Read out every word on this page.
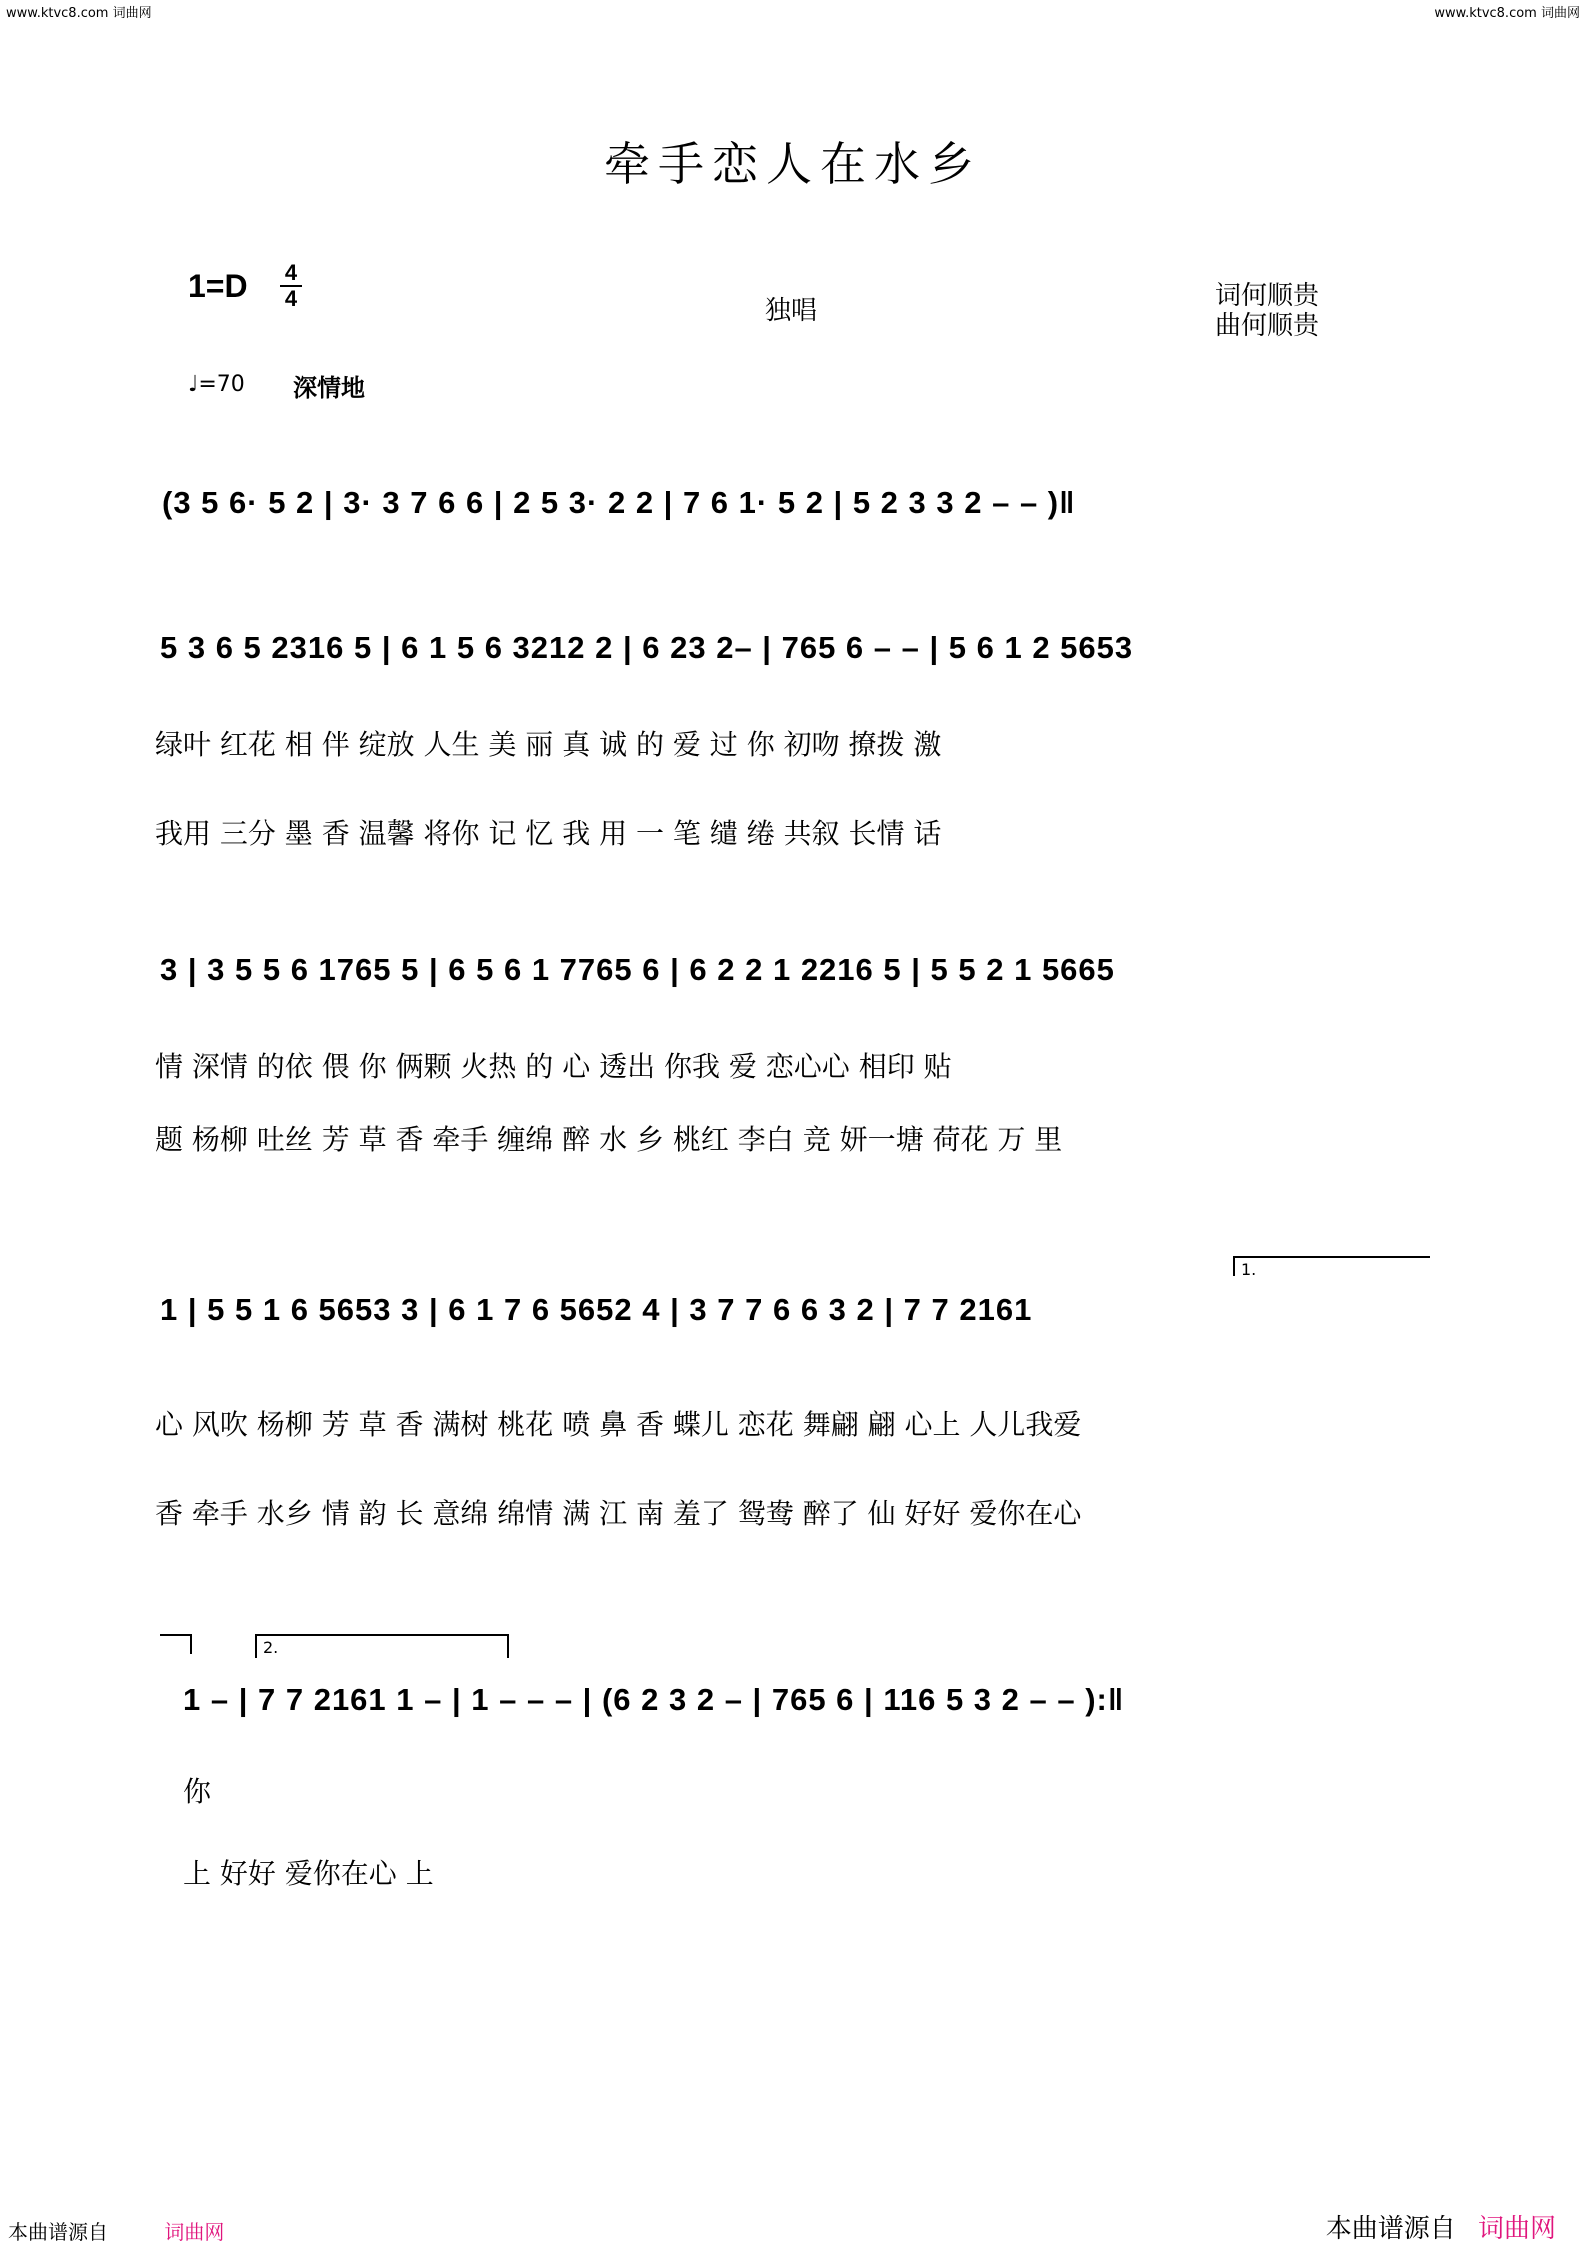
www.ktvc8.com 词曲网	www.ktvc8.com 词曲网
牵手恋人在水乡
1=D 4
4	独唱	词何顺贵
曲何顺贵
♩=70 深情地
(3 5 6· 5 2 | 3· 3 7 6 6 | 2 5 3· 2 2 | 7 6 1· 5 2 | 5 2 3 3 2 – – )‖
5 3 6 5 2316 5 | 6 1 5 6 3212 2 | 6 23 2– | 765 6 – – | 5 6 1 2 5653
绿叶 红花 相 伴 绽放 人生 美 丽 真 诚 的 爱 过 你 初吻 撩拨 激
我用 三分 墨 香 温馨 将你 记 忆 我 用 一 笔 缱 绻 共叙 长情 话
3 | 3 5 5 6 1765 5 | 6 5 6 1 7765 6 | 6 2 2 1 2216 5 | 5 5 2 1 5665
情 深情 的依 偎 你 俩颗 火热 的 心 透出 你我 爱 恋心心 相印 贴
题 杨柳 吐丝 芳 草 香 牵手 缠绵 醉 水 乡 桃红 李白 竞 妍一塘 荷花 万 里
1.
1 | 5 5 1 6 5653 3 | 6 1 7 6 5652 4 | 3 7 7 6 6 3 2 | 7 7 2161
心 风吹 杨柳 芳 草 香 满树 桃花 喷 鼻 香 蝶儿 恋花 舞翩 翩 心上 人儿我爱
香 牵手 水乡 情 韵 长 意绵 绵情 满 江 南 羞了 鸳鸯 醉了 仙 好好 爱你在心
2.
1 – | 7 7 2161 1 – | 1 – – – | (6 2 3 2 – | 765 6 | 116 5 3 2 – – ):‖
你
上 好好 爱你在心 上
本曲谱源自	词曲网	本曲谱源自 词曲网
